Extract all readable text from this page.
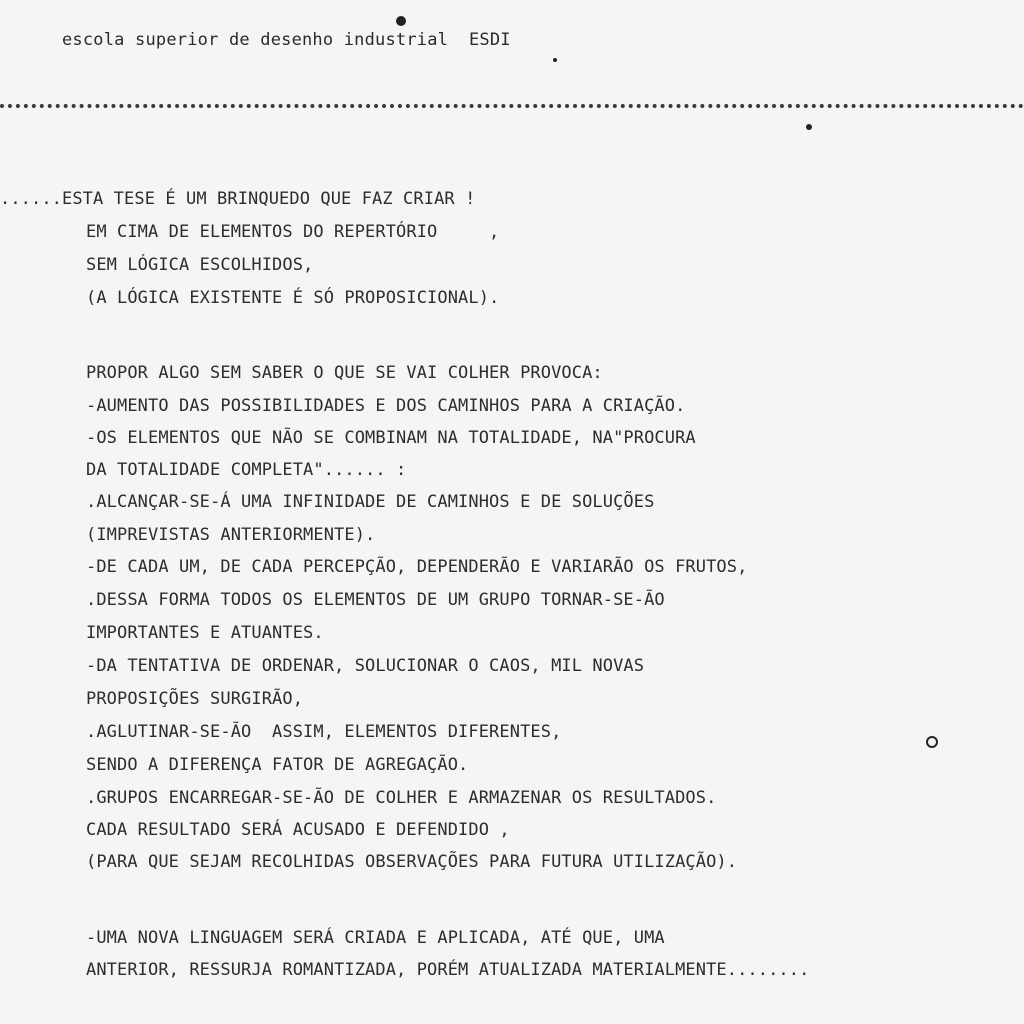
escola superior de desenho industrial  ESDI
......ESTA TESE É UM BRINQUEDO QUE FAZ CRIAR !
EM CIMA DE ELEMENTOS DO REPERTÓRIO     ,
SEM LÓGICA ESCOLHIDOS,
(A LÓGICA EXISTENTE É SÓ PROPOSICIONAL).
PROPOR ALGO SEM SABER O QUE SE VAI COLHER PROVOCA:
-AUMENTO DAS POSSIBILIDADES E DOS CAMINHOS PARA A CRIAÇÃO.
-OS ELEMENTOS QUE NÃO SE COMBINAM NA TOTALIDADE, NA"PROCURA
DA TOTALIDADE COMPLETA"...... :
.ALCANÇAR-SE-Á UMA INFINIDADE DE CAMINHOS E DE SOLUÇÕES
(IMPREVISTAS ANTERIORMENTE).
-DE CADA UM, DE CADA PERCEPÇÃO, DEPENDERÃO E VARIARÃO OS FRUTOS,
.DESSA FORMA TODOS OS ELEMENTOS DE UM GRUPO TORNAR-SE-ÃO
IMPORTANTES E ATUANTES.
-DA TENTATIVA DE ORDENAR, SOLUCIONAR O CAOS, MIL NOVAS
PROPOSIÇÕES SURGIRÃO,
.AGLUTINAR-SE-ÃO  ASSIM, ELEMENTOS DIFERENTES,
SENDO A DIFERENÇA FATOR DE AGREGAÇÃO.
.GRUPOS ENCARREGAR-SE-ÃO DE COLHER E ARMAZENAR OS RESULTADOS.
CADA RESULTADO SERÁ ACUSADO E DEFENDIDO ,
(PARA QUE SEJAM RECOLHIDAS OBSERVAÇÕES PARA FUTURA UTILIZAÇÃO).
-UMA NOVA LINGUAGEM SERÁ CRIADA E APLICADA, ATÉ QUE, UMA
ANTERIOR, RESSURJA ROMANTIZADA, PORÉM ATUALIZADA MATERIALMENTE........
